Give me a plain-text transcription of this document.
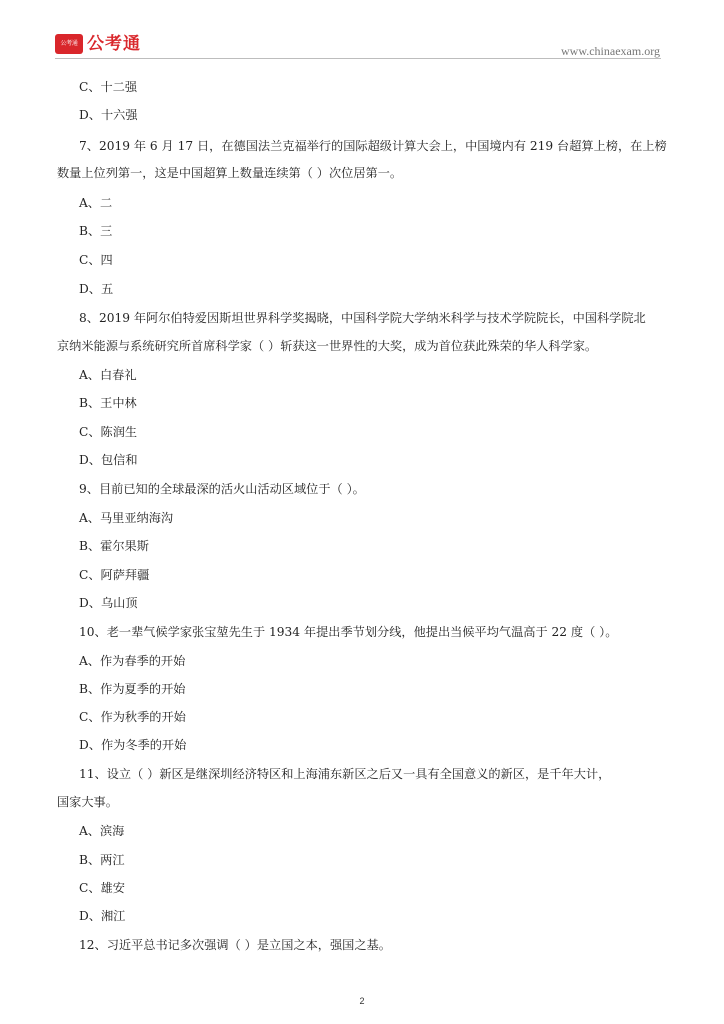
公考通 公考通	www.chinaexam.org
C、十二强
D、十六强
7、2019 年 6 月 17 日，在德国法兰克福举行的国际超级计算大会上，中国境内有 219 台超算上榜，在上榜
数量上位列第一，这是中国超算上数量连续第（ ）次位居第一。
A、二
B、三
C、四
D、五
8、2019 年阿尔伯特爱因斯坦世界科学奖揭晓，中国科学院大学纳米科学与技术学院院长，中国科学院北
京纳米能源与系统研究所首席科学家（ ）斩获这一世界性的大奖，成为首位获此殊荣的华人科学家。
A、白春礼
B、王中林
C、陈润生
D、包信和
9、目前已知的全球最深的活火山活动区域位于（ ）。
A、马里亚纳海沟
B、霍尔果斯
C、阿萨拜疆
D、乌山顶
10、老一辈气候学家张宝堃先生于 1934 年提出季节划分线，他提出当候平均气温高于 22 度（ ）。
A、作为春季的开始
B、作为夏季的开始
C、作为秋季的开始
D、作为冬季的开始
11、设立（ ）新区是继深圳经济特区和上海浦东新区之后又一具有全国意义的新区，是千年大计，
国家大事。
A、滨海
B、两江
C、雄安
D、湘江
12、习近平总书记多次强调（ ）是立国之本，强国之基。
2
